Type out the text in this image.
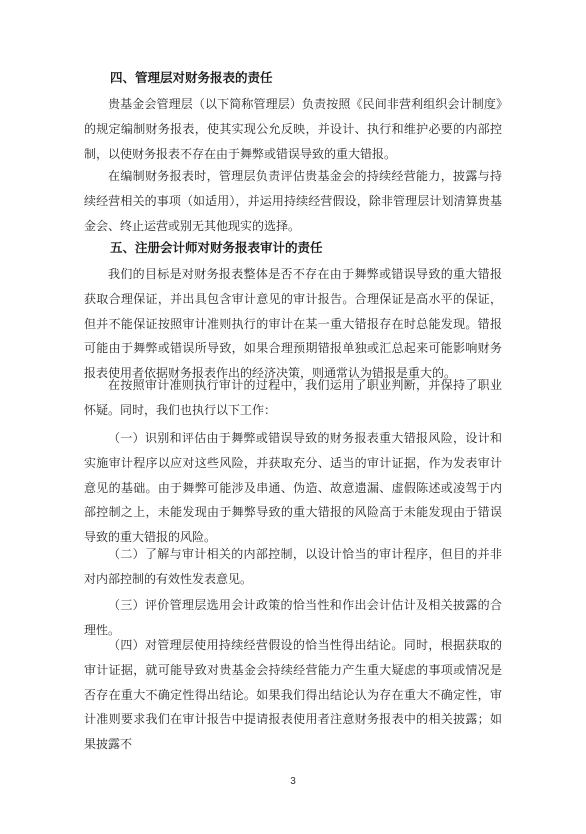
四、管理层对财务报表的责任
贵基金会管理层（以下简称管理层）负责按照《民间非营利组织会计制度》的规定编制财务报表，使其实现公允反映，并设计、执行和维护必要的内部控制，以使财务报表不存在由于舞弊或错误导致的重大错报。
在编制财务报表时，管理层负责评估贵基金会的持续经营能力，披露与持续经营相关的事项（如适用），并运用持续经营假设，除非管理层计划清算贵基金会、终止运营或别无其他现实的选择。
五、注册会计师对财务报表审计的责任
我们的目标是对财务报表整体是否不存在由于舞弊或错误导致的重大错报获取合理保证，并出具包含审计意见的审计报告。合理保证是高水平的保证，但并不能保证按照审计准则执行的审计在某一重大错报存在时总能发现。错报可能由于舞弊或错误所导致，如果合理预期错报单独或汇总起来可能影响财务报表使用者依据财务报表作出的经济决策，则通常认为错报是重大的。
在按照审计准则执行审计的过程中，我们运用了职业判断，并保持了职业怀疑。同时，我们也执行以下工作：
（一）识别和评估由于舞弊或错误导致的财务报表重大错报风险，设计和实施审计程序以应对这些风险，并获取充分、适当的审计证据，作为发表审计意见的基础。由于舞弊可能涉及串通、伪造、故意遗漏、虚假陈述或凌驾于内部控制之上，未能发现由于舞弊导致的重大错报的风险高于未能发现由于错误导致的重大错报的风险。
（二）了解与审计相关的内部控制，以设计恰当的审计程序，但目的并非对内部控制的有效性发表意见。
（三）评价管理层选用会计政策的恰当性和作出会计估计及相关披露的合理性。
（四）对管理层使用持续经营假设的恰当性得出结论。同时，根据获取的审计证据，就可能导致对贵基金会持续经营能力产生重大疑虑的事项或情况是否存在重大不确定性得出结论。如果我们得出结论认为存在重大不确定性，审计准则要求我们在审计报告中提请报表使用者注意财务报表中的相关披露；如果披露不
3
